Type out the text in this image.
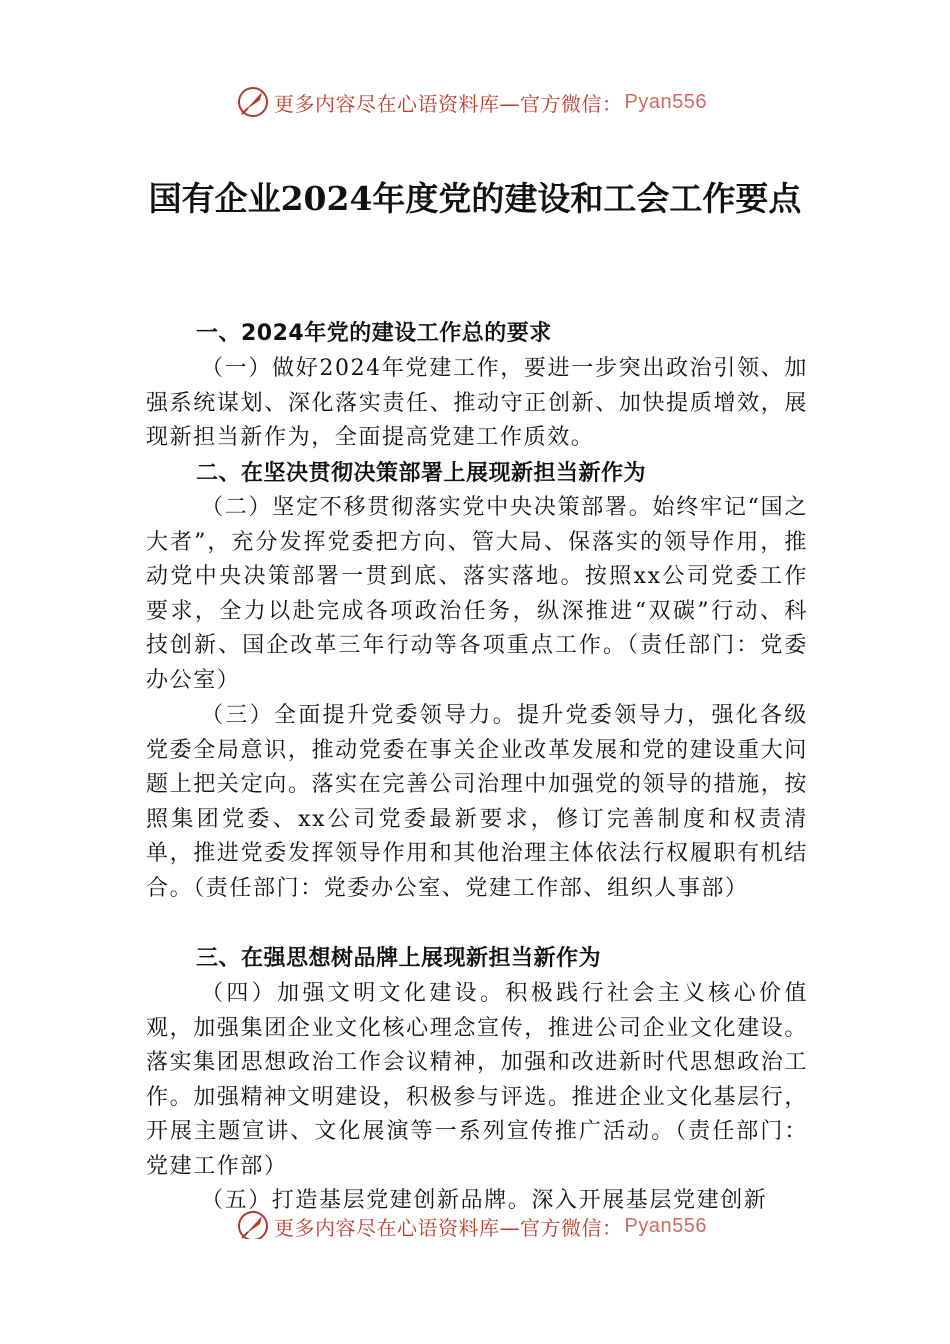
更多内容尽在心语资料库—官方微信： Pyan556
国有企业2024年度党的建设和工会工作要点
一、2024年党的建设工作总的要求

（一）做好2024年党建工作，要进一步突出政治引领、加强系统谋划、深化落实责任、推动守正创新、加快提质增效，展现新担当新作为，全面提高党建工作质效。

二、在坚决贯彻决策部署上展现新担当新作为

（二）坚定不移贯彻落实党中央决策部署。始终牢记“国之大者”，充分发挥党委把方向、管大局、保落实的领导作用，推动党中央决策部署一贯到底、落实落地。按照xx公司党委工作要求，全力以赴完成各项政治任务，纵深推进“双碳”行动、科技创新、国企改革三年行动等各项重点工作。（责任部门：党委办公室）

（三）全面提升党委领导力。提升党委领导力，强化各级党委全局意识，推动党委在事关企业改革发展和党的建设重大问题上把关定向。落实在完善公司治理中加强党的领导的措施，按照集团党委、xx公司党委最新要求，修订完善制度和权责清单，推进党委发挥领导作用和其他治理主体依法行权履职有机结合。（责任部门：党委办公室、党建工作部、组织人事部）

三、在强思想树品牌上展现新担当新作为

（四）加强文明文化建设。积极践行社会主义核心价值观，加强集团企业文化核心理念宣传，推进公司企业文化建设。落实集团思想政治工作会议精神，加强和改进新时代思想政治工作。加强精神文明建设，积极参与评选。推进企业文化基层行，开展主题宣讲、文化展演等一系列宣传推广活动。（责任部门：党建工作部）

（五）打造基层党建创新品牌。深入开展基层党建创新

更多内容尽在心语资料库—官方微信： Pyan556
